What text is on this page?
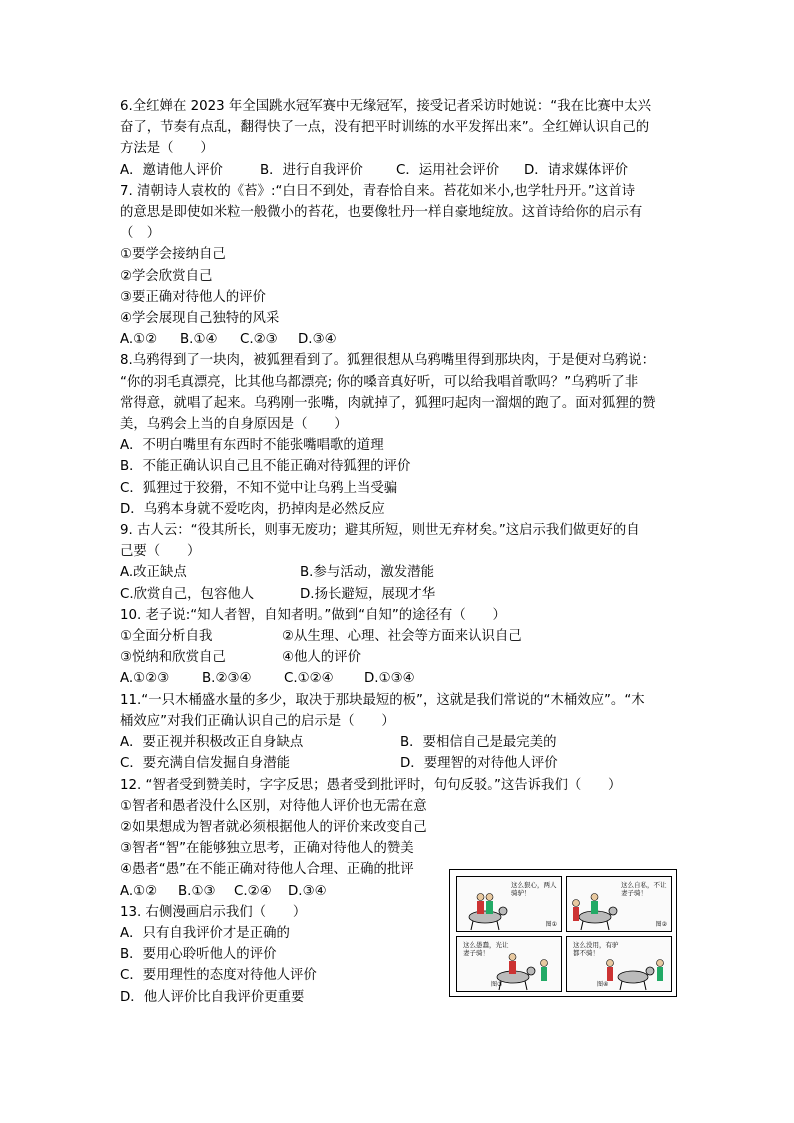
6.全红婵在 2023 年全国跳水冠军赛中无缘冠军，接受记者采访时她说：“我在比赛中太兴

奋了，节奏有点乱，翻得快了一点，没有把平时训练的水平发挥出来”。全红婵认识自己的

方法是（　　）

A．邀请他人评价	B．进行自我评价	C．运用社会评价	D．请求媒体评价

7. 清朝诗人袁枚的《苔》:“白日不到处，青春恰自来。苔花如米小,也学牡丹开。”这首诗

的意思是即使如米粒一般微小的苔花，也要像牡丹一样自豪地绽放。这首诗给你的启示有

（　）

①要学会接纳自己

②学会欣赏自己

③要正确对待他人的评价

④学会展现自己独特的风采

A.①②	B.①④	C.②③	D.③④

8.乌鸦得到了一块肉，被狐狸看到了。狐狸很想从乌鸦嘴里得到那块肉，于是便对乌鸦说：

“你的羽毛真漂亮，比其他乌都漂亮; 你的嗓音真好听，可以给我唱首歌吗？”乌鸦听了非

常得意，就唱了起来。乌鸦刚一张嘴，肉就掉了，狐狸叼起肉一溜烟的跑了。面对狐狸的赞

美，乌鸦会上当的自身原因是（　　）

A．不明白嘴里有东西时不能张嘴唱歌的道理

B．不能正确认识自己且不能正确对待狐狸的评价

C．狐狸过于狡猾，不知不觉中让乌鸦上当受骗

D．乌鸦本身就不爱吃肉，扔掉肉是必然反应

9. 古人云：“役其所长，则事无废功；避其所短，则世无弃材矣。”这启示我们做更好的自

己要（　　）

A.改正缺点	B.参与活动，激发潜能
C.欣赏自己，包容他人	D.扬长避短，展现才华

10. 老子说:“知人者智，自知者明。”做到“自知”的途径有（　　）

①全面分析自我	②从生理、心理、社会等方面来认识自己
③悦纳和欣赏自己	④他人的评价
A.①②③	B.②③④	C.①②④	D.①③④

11.“一只木桶盛水量的多少，取决于那块最短的板”，这就是我们常说的“木桶效应”。“木

桶效应”对我们正确认识自己的启示是（　　）

A．要正视并积极改正自身缺点	B．要相信自己是最完美的
C．要充满自信发掘自身潜能	D．要理智的对待他人评价

12. “智者受到赞美时，字字反思；愚者受到批评时，句句反驳。”这告诉我们（　　）

①智者和愚者没什么区别，对待他人评价也无需在意

②如果想成为智者就必须根据他人的评价来改变自己

③智者“智”在能够独立思考，正确对待他人的赞美

④愚者“愚”在不能正确对待他人合理、正确的批评

A.①②	B.①③	C.②④	D.③④

13. 右侧漫画启示我们（　　）

A．只有自我评价才是正确的

B．要用心聆听他人的评价

C．要用理性的态度对待他人评价

D．他人评价比自我评价更重要

这么狠心，两人骑驴！
图①
这么自私，不让妻子骑！
图②
这么愚蠢，光让妻子骑！
图③
这么没用，有驴都不骑！
图④
